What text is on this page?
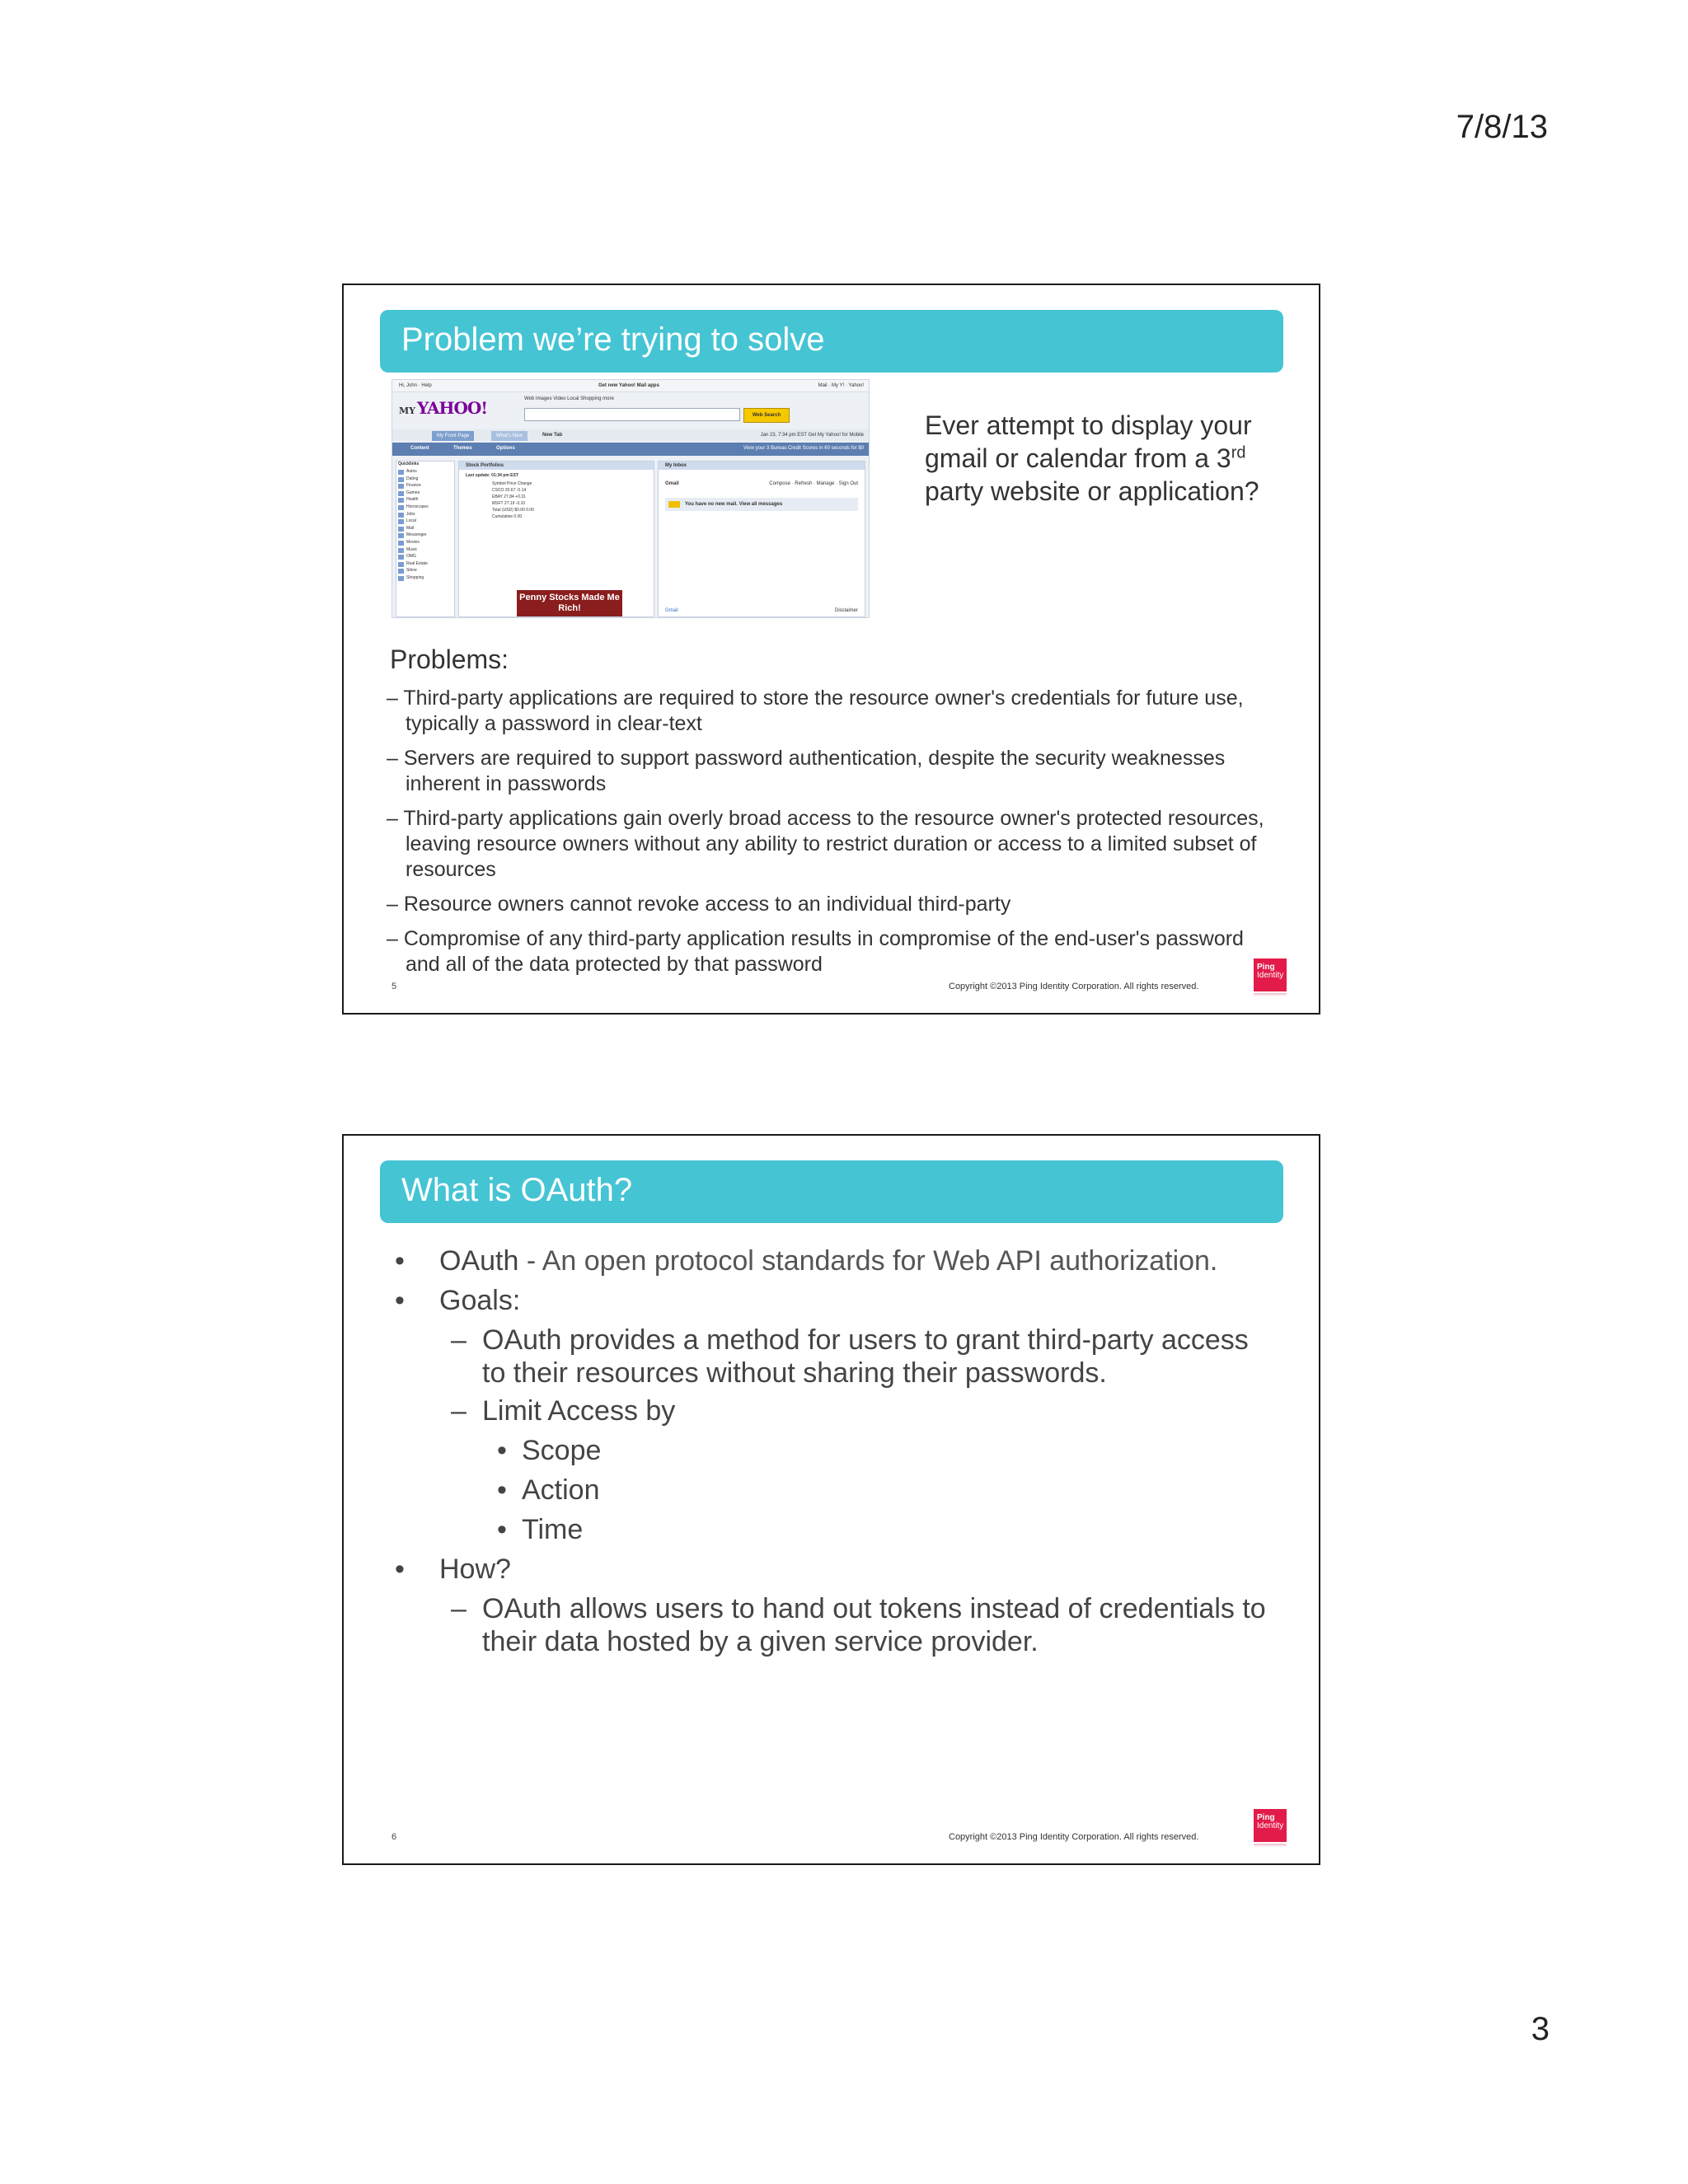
7/8/13
Problem we’re trying to solve
Hi, John · Help	Get new Yahoo! Mail apps	Mail · My Y! · Yahoo!
MY YAHOO!	Web Images Video Local Shopping more
Web Search
My Front Page	What's New	New Tab	Jan 23, 7:34 pm EST Get My Yahoo! for Mobile
Content	Themes	Options	View your 3 Bureau Credit Scores in 60 seconds for $0
Quicklinks
Autos
Dating
Finance
Games
Health
Horoscopes
Jobs
Local
Mail
Messenger
Movies
Music
OMG
Real Estate
Shine
Shopping
Stock Portfolios
Last update: 01:34 pm EST
Symbol Price Change
CSCO 20.67 -0.14
EBAY 27.84 +0.31
MSFT 27.19 -0.10
Total (USD) $0.00 0.00
Cumulative 0.00
Penny Stocks Made Me Rich!
My Inbox
Gmail	Compose · Refresh · Manage · Sign Out
You have no new mail. View all messages
Gmail	Disclaimer
Ever attempt to display your gmail or calendar from a 3rd party website or application?
Problems:
– Third-party applications are required to store the resource owner's credentials for future use, typically a password in clear-text
– Servers are required to support password authentication, despite the security weaknesses inherent in passwords
– Third-party applications gain overly broad access to the resource owner's protected resources, leaving resource owners without any ability to restrict duration or access to a limited subset of resources
– Resource owners cannot revoke access to an individual third-party
– Compromise of any third-party application results in compromise of the end-user's password and all of the data protected by that password
5	Copyright ©2013 Ping Identity Corporation. All rights reserved.
Ping
Identity
What is OAuth?
• OAuth - An open protocol standards for Web API authorization.
• Goals:
– OAuth provides a method for users to grant third-party access to their resources without sharing their passwords.
– Limit Access by
• Scope
• Action
• Time
• How?
– OAuth allows users to hand out tokens instead of credentials to their data hosted by a given service provider.
6	Copyright ©2013 Ping Identity Corporation. All rights reserved.
Ping
Identity
3
